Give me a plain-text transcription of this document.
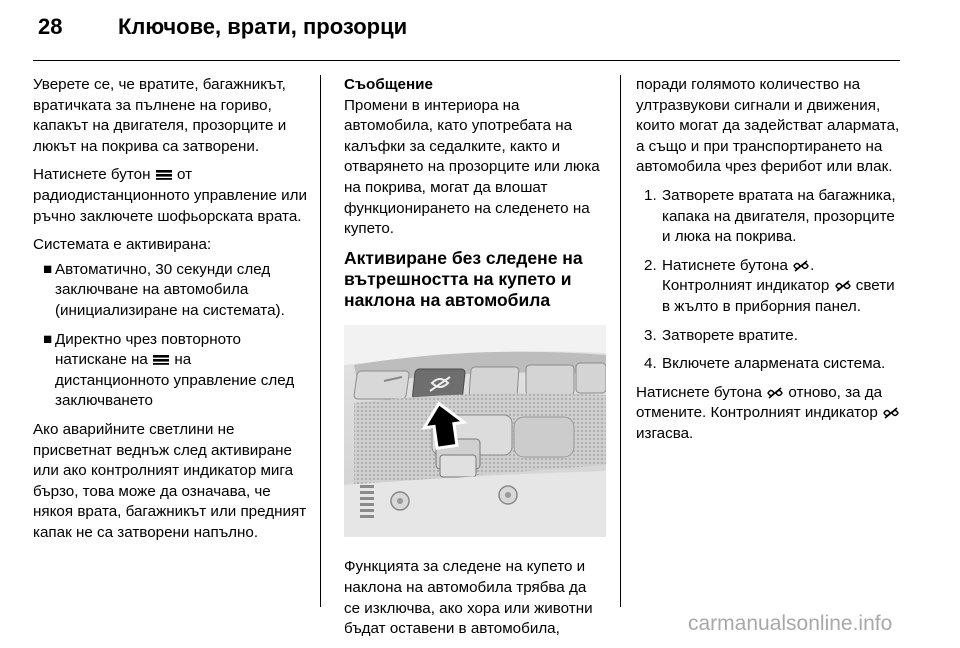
28	Ключове, врати, прозорци

Уверете се, че вратите, багажникът, вратичката за пълнене на гориво, капакът на двигателя, прозорците и люкът на покрива са затворени.

Натиснете бутон от радиодистанционното управление или ръчно заключете шофьорската врата.

Системата е активирана:

■ Автоматично, 30 секунди след заключване на автомобила (инициализиране на системата).
■ Директно чрез повторното натискане на на дистанционното управление след заключването

Ако аварийните светлини не присветнат веднъж след активиране или ако контролният индикатор мига бързо, това може да означава, че някоя врата, багажникът или предният капак не са затворени напълно.

Съобщение

Промени в интериора на автомобила, като употребата на калъфки за седалките, както и отварянето на прозорците или люка на покрива, могат да влошат функционирането на следенето на купето.

Активиране без следене на вътрешността на купето и наклона на автомобила

Функцията за следене на купето и наклона на автомобила трябва да се изключва, ако хора или животни бъдат оставени в автомобила,

поради голямото количество на ултразвукови сигнали и движения, които могат да задействат алармата, а също и при транспортирането на автомобила чрез ферибот или влак.

1. Затворете вратата на багажника, капака на двигателя, прозорците и люка на покрива.
2. Натиснете бутона . Контролният индикатор свети в жълто в приборния панел.
3. Затворете вратите.
4. Включете алармената система.

Натиснете бутона отново, за да отмените. Контролният индикатор  изгасва.

carmanualsonline.info
